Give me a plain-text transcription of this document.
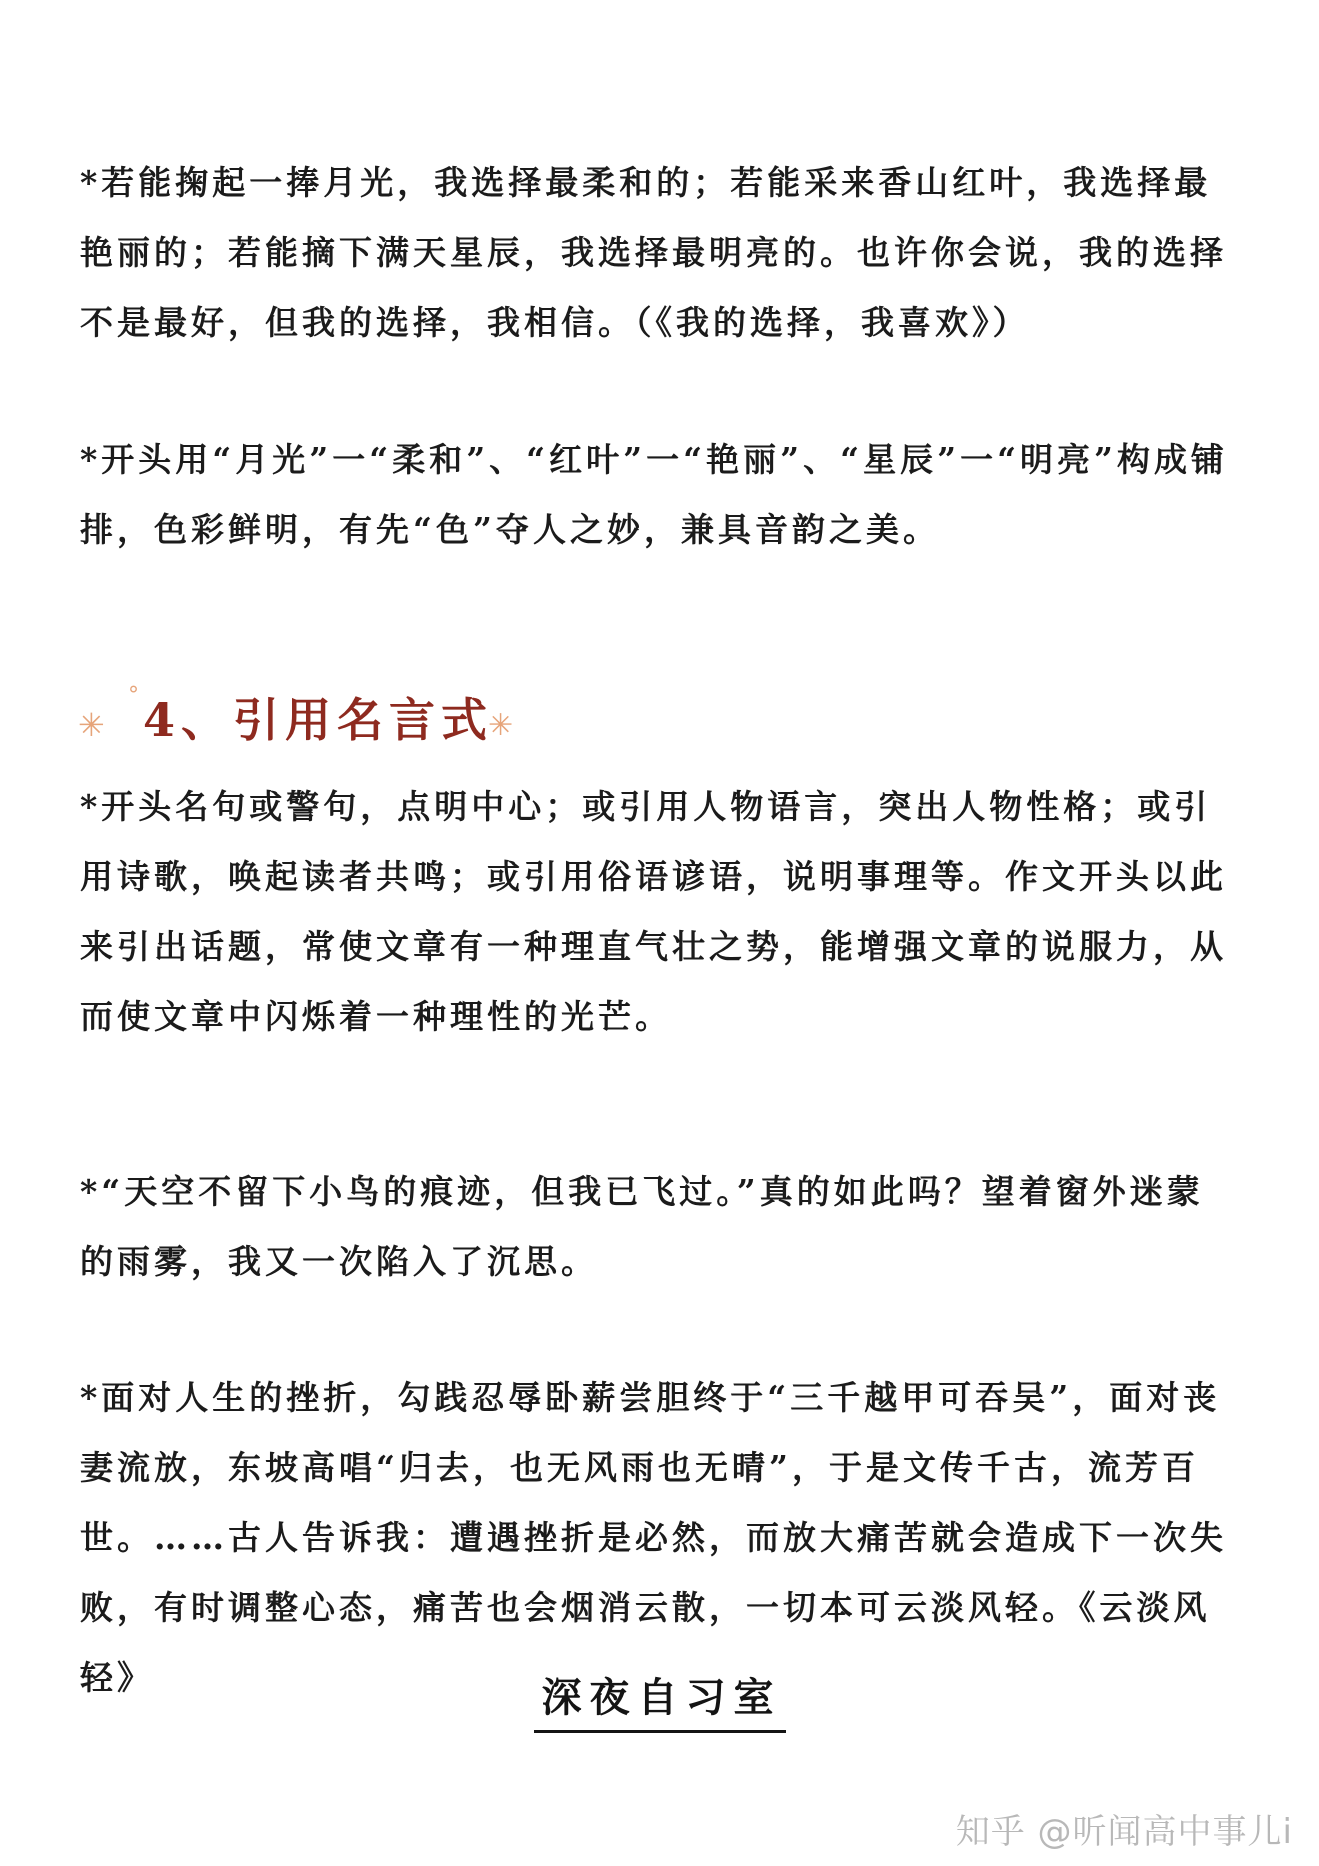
*若能掬起一捧月光，我选择最柔和的；若能采来香山红叶，我选择最艳丽的；若能摘下满天星辰，我选择最明亮的。也许你会说，我的选择不是最好，但我的选择，我相信。（《我的选择，我喜欢》）

*开头用“月光”一“柔和”、“红叶”一“艳丽”、“星辰”一“明亮”构成铺排，色彩鲜明，有先“色”夺人之妙，兼具音韵之美。

✳
° 4、引用名言式
✳

*开头名句或警句，点明中心；或引用人物语言，突出人物性格；或引用诗歌，唤起读者共鸣；或引用俗语谚语，说明事理等。作文开头以此来引出话题，常使文章有一种理直气壮之势，能增强文章的说服力，从而使文章中闪烁着一种理性的光芒。

*“天空不留下小鸟的痕迹，但我已飞过。”真的如此吗？望着窗外迷蒙的雨雾，我又一次陷入了沉思。

*面对人生的挫折，勾践忍辱卧薪尝胆终于“三千越甲可吞吴”，面对丧妻流放，东坡高唱“归去，也无风雨也无晴”，于是文传千古，流芳百世。……古人告诉我：遭遇挫折是必然，而放大痛苦就会造成下一次失败，有时调整心态，痛苦也会烟消云散，一切本可云淡风轻。《云淡风轻》	深夜自习室
知乎 @听闻高中事儿i
